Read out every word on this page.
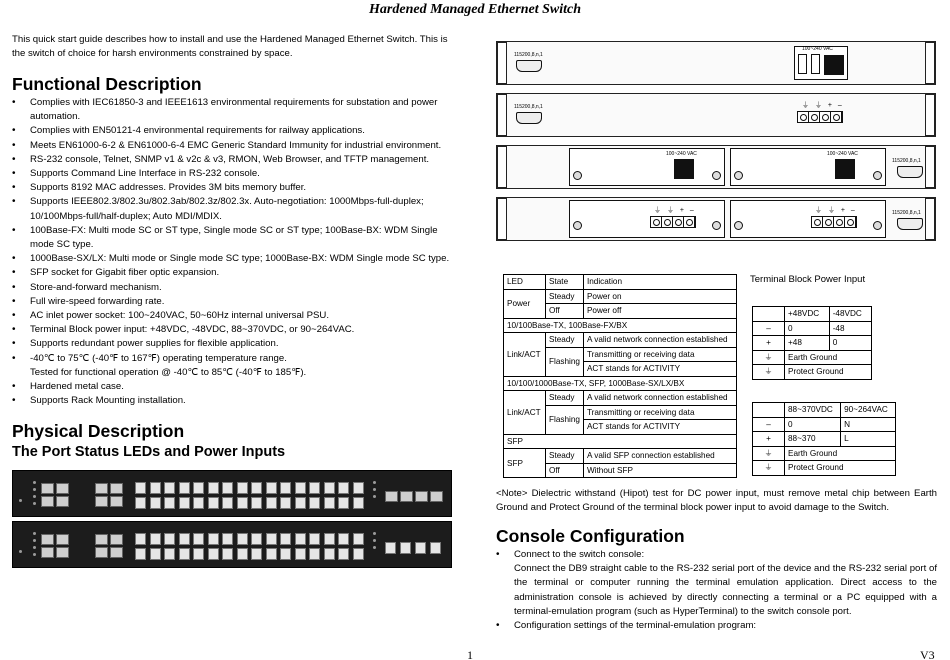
Hardened Managed Ethernet Switch
This quick start guide describes how to install and use the Hardened Managed Ethernet Switch. This is the switch of choice for harsh environments constrained by space.
Functional Description
• Complies with IEC61850-3 and IEEE1613 environmental requirements for substation and power automation.
• Complies with EN50121-4 environmental requirements for railway applications.
• Meets EN61000-6-2 & EN61000-6-4 EMC Generic Standard Immunity for industrial environment.
• RS-232 console, Telnet, SNMP v1 & v2c & v3, RMON, Web Browser, and TFTP management.
• Supports Command Line Interface in RS-232 console.
• Supports 8192 MAC addresses. Provides 3M bits memory buffer.
• Supports IEEE802.3/802.3u/802.3ab/802.3z/802.3x. Auto-negotiation: 1000Mbps-full-duplex; 10/100Mbps-full/half-duplex; Auto MDI/MDIX.
• 100Base-FX: Multi mode SC or ST type, Single mode SC or ST type; 100Base-BX: WDM Single mode SC type.
• 1000Base-SX/LX: Multi mode or Single mode SC type; 1000Base-BX: WDM Single mode SC type.
• SFP socket for Gigabit fiber optic expansion.
• Store-and-forward mechanism.
• Full wire-speed forwarding rate.
• AC inlet power socket: 100~240VAC, 50~60Hz internal universal PSU.
• Terminal Block power input: +48VDC, -48VDC, 88~370VDC, or 90~264VAC.
• Supports redundant power supplies for flexible application.
• -40℃ to 75℃ (-40℉ to 167℉) operating temperature range.
Tested for functional operation @ -40℃ to 85℃ (-40℉ to 185℉).
• Hardened metal case.
• Supports Rack Mounting installation.
Physical Description
The Port Status LEDs and Power Inputs
115200,8,n,1
100~240 VAC
115200,8,n,1	⏚ ⏚ + –
100~240 VAC	100~240 VAC
115200,8,n,1
⏚ ⏚ + –	⏚ ⏚ + –	115200,8,n,1
LED	State	Indication
Power	Steady	Power on
	Off	Power off
10/100Base-TX, 100Base-FX/BX		
Link/ACT	Steady	A valid network connection established
	Flashing	Transmitting or receiving data
		ACT stands for ACTIVITY
10/100/1000Base-TX, SFP, 1000Base-SX/LX/BX		
Link/ACT	Steady	A valid network connection established
	Flashing	Transmitting or receiving data
		ACT stands for ACTIVITY
SFP		
SFP	Steady	A valid SFP connection established
	Off	Without SFP
Terminal Block Power Input
	+48VDC	-48VDC
–	0	-48
+	+48	0
⏚	Earth Ground	
⏚	Protect Ground	
	88~370VDC	90~264VAC
–	0	N
+	88~370	L
⏚	Earth Ground	
⏚	Protect Ground	
<Note> Dielectric withstand (Hipot) test for DC power input, must remove metal chip between Earth Ground and Protect Ground of the terminal block power input to avoid damage to the Switch.
Console Configuration
• Connect to the switch console:
Connect the DB9 straight cable to the RS-232 serial port of the device and the RS-232 serial port of the terminal or computer running the terminal emulation application. Direct access to the administration console is achieved by directly connecting a terminal or a PC equipped with a terminal-emulation program (such as HyperTerminal) to the switch console port.
• Configuration settings of the terminal-emulation program:
1	V3
